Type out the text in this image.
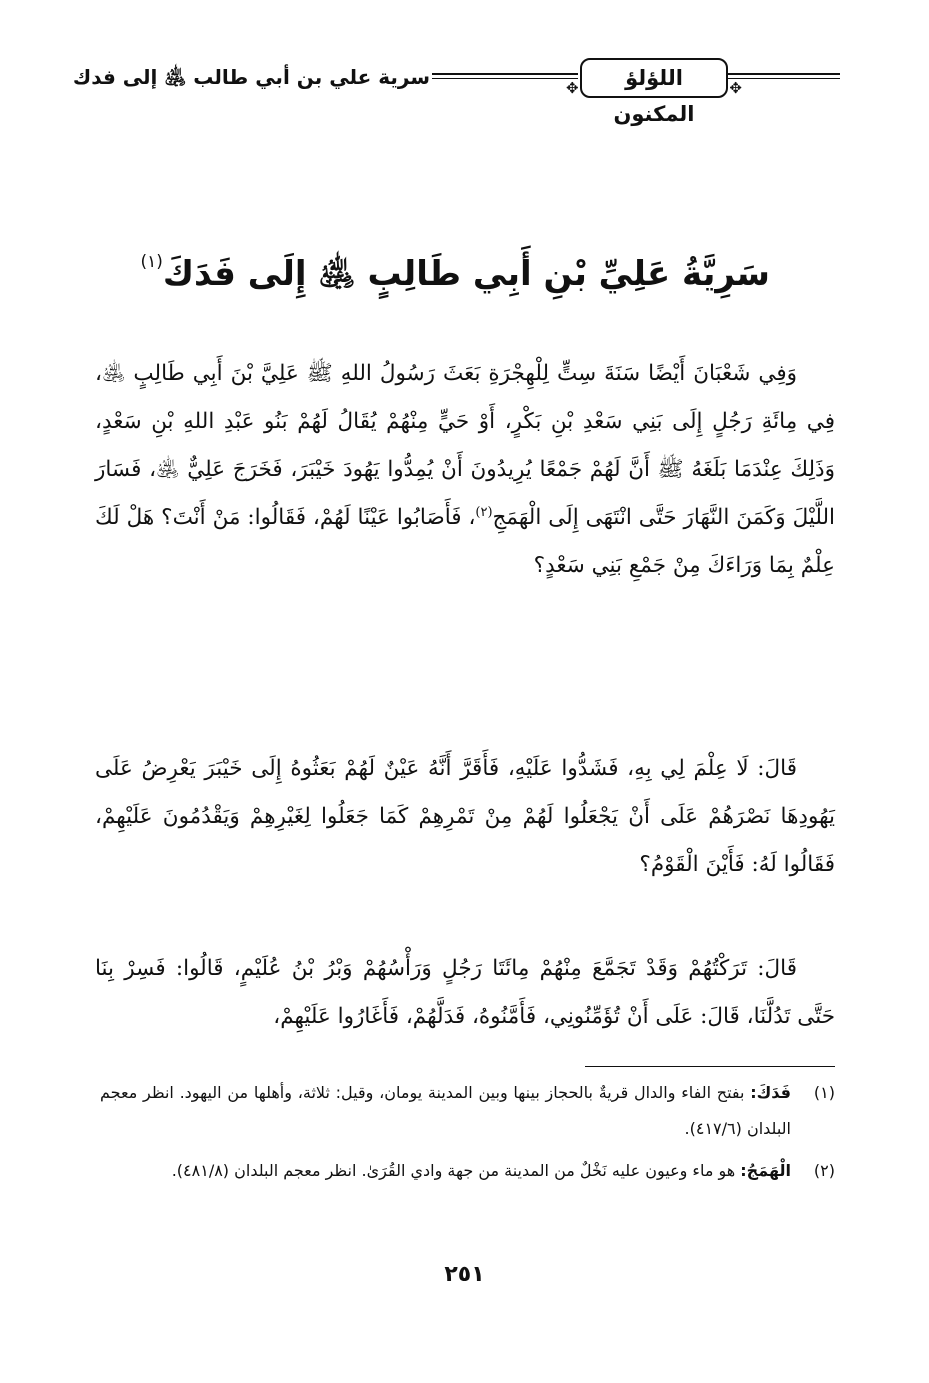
سرية علي بن أبي طالب ﵁ إلى فدك	✥
اللؤلؤ المكنون
✥
سَرِيَّةُ عَلِيِّ بْنِ أَبِي طَالِبٍ ﵁ إِلَى فَدَكَ$^{(١)}$
وَفِي شَعْبَانَ أَيْضًا سَنَةَ سِتٍّ لِلْهِجْرَةِ بَعَثَ رَسُولُ اللهِ ﷺ عَلِيَّ بْنَ أَبِي طَالِبٍ ﵁، فِي مِائَةِ رَجُلٍ إِلَى بَنِي سَعْدِ بْنِ بَكْرٍ، أَوْ حَيٍّ مِنْهُمْ يُقَالُ لَهُمْ بَنُو عَبْدِ اللهِ بْنِ سَعْدٍ، وَذَلِكَ عِنْدَمَا بَلَغَهُ ﷺ أَنَّ لَهُمْ جَمْعًا يُرِيدُونَ أَنْ يُمِدُّوا يَهُودَ خَيْبَرَ، فَخَرَجَ عَلِيٌّ ﵁، فَسَارَ اللَّيْلَ وَكَمَنَ النَّهَارَ حَتَّى انْتَهَى إِلَى الْهَمَجِ$^{(٢)}$، فَأَصَابُوا عَيْنًا لَهُمْ، فَقَالُوا: مَنْ أَنْتَ؟ هَلْ لَكَ عِلْمٌ بِمَا وَرَاءَكَ مِنْ جَمْعِ بَنِي سَعْدٍ؟
قَالَ: لَا عِلْمَ لِي بِهِ، فَشَدُّوا عَلَيْهِ، فَأَقَرَّ أَنَّهُ عَيْنٌ لَهُمْ بَعَثُوهُ إِلَى خَيْبَرَ يَعْرِضُ عَلَى يَهُودِهَا نَصْرَهُمْ عَلَى أَنْ يَجْعَلُوا لَهُمْ مِنْ تَمْرِهِمْ كَمَا جَعَلُوا لِغَيْرِهِمْ وَيَقْدُمُونَ عَلَيْهِمْ، فَقَالُوا لَهُ: فَأَيْنَ الْقَوْمُ؟
قَالَ: تَرَكْتُهُمْ وَقَدْ تَجَمَّعَ مِنْهُمْ مِائَتَا رَجُلٍ وَرَأْسُهُمْ وَبْرُ بْنُ عُلَيْمٍ، قَالُوا: فَسِرْ بِنَا حَتَّى تَدُلَّنَا، قَالَ: عَلَى أَنْ تُؤَمِّنُونِي، فَأَمَّنُوهُ، فَدَلَّهُمْ، فَأَغَارُوا عَلَيْهِمْ،

(١)فَدَكَ: بفتح الفاء والدال قريةٌ بالحجاز بينها وبين المدينة يومان، وقيل: ثلاثة، وأهلها من اليهود. انظر معجم البلدان (٤١٧/٦).

(٢)الْهَمَجُ: هو ماء وعيون عليه نَخْلٌ من المدينة من جهة وادي القُرَىٰ. انظر معجم البلدان (٤٨١/٨).

٢٥١
